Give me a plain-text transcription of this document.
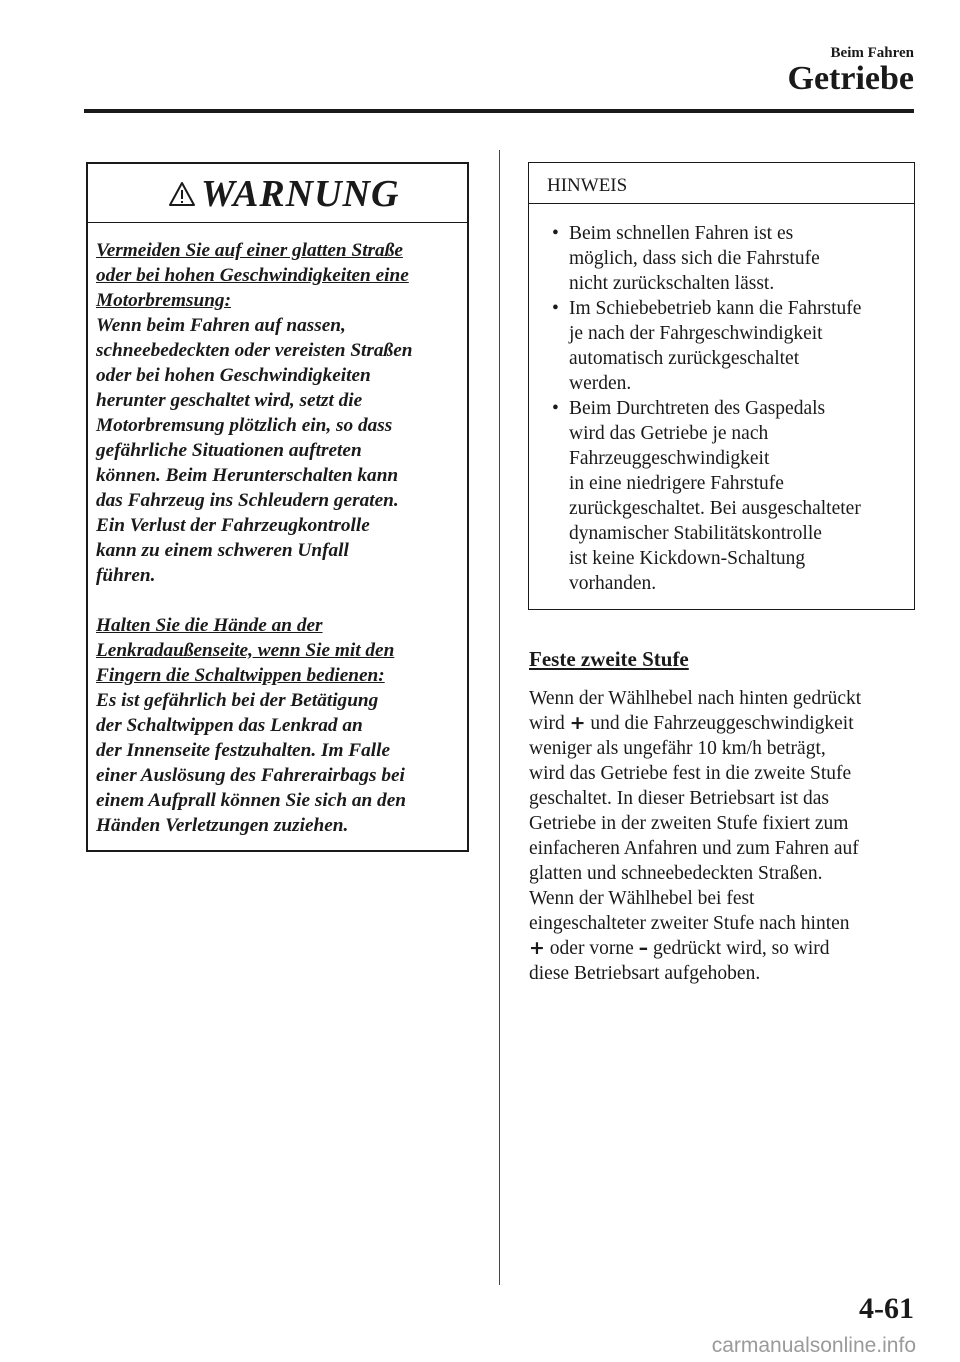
Beim Fahren
Getriebe
WARNUNG

Vermeiden Sie auf einer glatten Straße

oder bei hohen Geschwindigkeiten eine

Motorbremsung:

Wenn beim Fahren auf nassen,

schneebedeckten oder vereisten Straßen

oder bei hohen Geschwindigkeiten

herunter geschaltet wird, setzt die

Motorbremsung plötzlich ein, so dass

gefährliche Situationen auftreten

können. Beim Herunterschalten kann

das Fahrzeug ins Schleudern geraten.

Ein Verlust der Fahrzeugkontrolle

kann zu einem schweren Unfall

führen.

Halten Sie die Hände an der

Lenkradaußenseite, wenn Sie mit den

Fingern die Schaltwippen bedienen:

Es ist gefährlich bei der Betätigung

der Schaltwippen das Lenkrad an

der Innenseite festzuhalten. Im Falle

einer Auslösung des Fahrerairbags bei

einem Aufprall können Sie sich an den

Händen Verletzungen zuziehen.

HINWEIS
• Beim schnellen Fahren ist es
möglich, dass sich die Fahrstufe
nicht zurückschalten lässt.
• Im Schiebebetrieb kann die Fahrstufe
je nach der Fahrgeschwindigkeit
automatisch zurückgeschaltet
werden.
• Beim Durchtreten des Gaspedals
wird das Getriebe je nach
Fahrzeuggeschwindigkeit
in eine niedrigere Fahrstufe
zurückgeschaltet. Bei ausgeschalteter
dynamischer Stabilitätskontrolle
ist keine Kickdown-Schaltung
vorhanden.
Feste zweite Stufe
Wenn der Wählhebel nach hinten gedrückt
wird + und die Fahrzeuggeschwindigkeit
weniger als ungefähr 10 km/h beträgt,
wird das Getriebe fest in die zweite Stufe
geschaltet. In dieser Betriebsart ist das
Getriebe in der zweiten Stufe fixiert zum
einfacheren Anfahren und zum Fahren auf
glatten und schneebedeckten Straßen.
Wenn der Wählhebel bei fest
eingeschalteter zweiter Stufe nach hinten
+ oder vorne – gedrückt wird, so wird
diese Betriebsart aufgehoben.
4-61
carmanualsonline.info
